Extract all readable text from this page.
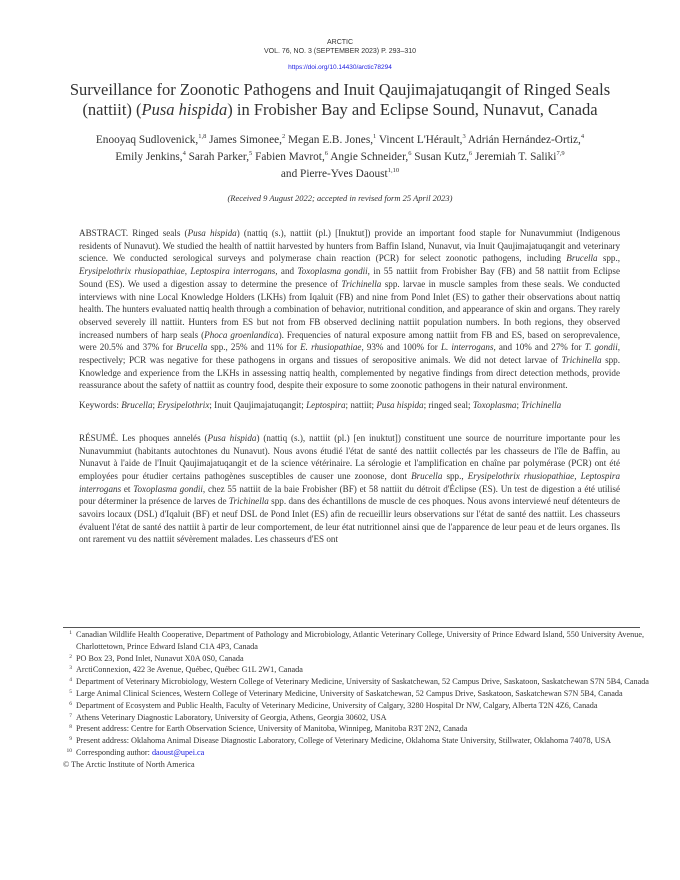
ARCTIC
VOL. 76, NO. 3 (SEPTEMBER 2023) P. 293–310
https://doi.org/10.14430/arctic78294
Surveillance for Zoonotic Pathogens and Inuit Qaujimajatuqangit of Ringed Seals (nattiit) (Pusa hispida) in Frobisher Bay and Eclipse Sound, Nunavut, Canada
Enooyaq Sudlovenick,$^{1,8}$ James Simonee,$^2$ Megan E.B. Jones,$^1$ Vincent L'Hérault,$^3$ Adrián Hernández-Ortiz,$^4$
Emily Jenkins,$^4$ Sarah Parker,$^5$ Fabien Mavrot,$^6$ Angie Schneider,$^6$ Susan Kutz,$^6$ Jeremiah T. Saliki$^{7,9}$
and Pierre-Yves Daoust$^{1,10}$
(Received 9 August 2022; accepted in revised form 25 April 2023)

ABSTRACT. Ringed seals (Pusa hispida) (nattiq (s.), nattiit (pl.) [Inuktut]) provide an important food staple for Nunavummiut (Indigenous residents of Nunavut). We studied the health of nattiit harvested by hunters from Baffin Island, Nunavut, via Inuit Qaujimajatuqangit and veterinary science. We conducted serological surveys and polymerase chain reaction (PCR) for select zoonotic pathogens, including Brucella spp., Erysipelothrix rhusiopathiae, Leptospira interrogans, and Toxoplasma gondii, in 55 nattiit from Frobisher Bay (FB) and 58 nattiit from Eclipse Sound (ES). We used a digestion assay to determine the presence of Trichinella spp. larvae in muscle samples from these seals. We conducted interviews with nine Local Knowledge Holders (LKHs) from Iqaluit (FB) and nine from Pond Inlet (ES) to gather their observations about nattiq health. The hunters evaluated nattiq health through a combination of behavior, nutritional condition, and appearance of skin and organs. They rarely observed severely ill nattiit. Hunters from ES but not from FB observed declining nattiit population numbers. In both regions, they observed increased numbers of harp seals (Phoca groenlandica). Frequencies of natural exposure among nattiit from FB and ES, based on seroprevalence, were 20.5% and 37% for Brucella spp., 25% and 11% for E. rhusiopathiae, 93% and 100% for L. interrogans, and 10% and 27% for T. gondii, respectively; PCR was negative for these pathogens in organs and tissues of seropositive animals. We did not detect larvae of Trichinella spp. Knowledge and experience from the LKHs in assessing nattiq health, complemented by negative findings from direct detection methods, provide reassurance about the safety of nattiit as country food, despite their exposure to some zoonotic pathogens in their natural environment.

Keywords: Brucella; Erysipelothrix; Inuit Qaujimajatuqangit; Leptospira; nattiit; Pusa hispida; ringed seal; Toxoplasma; Trichinella

RÉSUMÉ. Les phoques annelés (Pusa hispida) (nattiq (s.), nattiit (pl.) [en inuktut]) constituent une source de nourriture importante pour les Nunavummiut (habitants autochtones du Nunavut). Nous avons étudié l'état de santé des nattiit collectés par les chasseurs de l'île de Baffin, au Nunavut à l'aide de l'Inuit Qaujimajatuqangit et de la science vétérinaire. La sérologie et l'amplification en chaîne par polymérase (PCR) ont été employées pour étudier certains pathogènes susceptibles de causer une zoonose, dont Brucella spp., Erysipelothrix rhusiopathiae, Leptospira interrogans et Toxoplasma gondii, chez 55 nattiit de la baie Frobisher (BF) et 58 nattiit du détroit d'Éclipse (ES). Un test de digestion a été utilisé pour déterminer la présence de larves de Trichinella spp. dans des échantillons de muscle de ces phoques. Nous avons interviewé neuf détenteurs de savoirs locaux (DSL) d'Iqaluit (BF) et neuf DSL de Pond Inlet (ES) afin de recueillir leurs observations sur l'état de santé des nattiit. Les chasseurs évaluent l'état de santé des nattiit à partir de leur comportement, de leur état nutritionnel ainsi que de l'apparence de leur peau et de leurs organes. Ils ont rarement vu des nattiit sévèrement malades. Les chasseurs d'ES ont

1 Canadian Wildlife Health Cooperative, Department of Pathology and Microbiology, Atlantic Veterinary College, University of Prince Edward Island, 550 University Avenue, Charlottetown, Prince Edward Island C1A 4P3, Canada
2 PO Box 23, Pond Inlet, Nunavut X0A 0S0, Canada
3 ArctiConnexion, 422 3e Avenue, Québec, Québec G1L 2W1, Canada
4 Department of Veterinary Microbiology, Western College of Veterinary Medicine, University of Saskatchewan, 52 Campus Drive, Saskatoon, Saskatchewan S7N 5B4, Canada
5 Large Animal Clinical Sciences, Western College of Veterinary Medicine, University of Saskatchewan, 52 Campus Drive, Saskatoon, Saskatchewan S7N 5B4, Canada
6 Department of Ecosystem and Public Health, Faculty of Veterinary Medicine, University of Calgary, 3280 Hospital Dr NW, Calgary, Alberta T2N 4Z6, Canada
7 Athens Veterinary Diagnostic Laboratory, University of Georgia, Athens, Georgia 30602, USA
8 Present address: Centre for Earth Observation Science, University of Manitoba, Winnipeg, Manitoba R3T 2N2, Canada
9 Present address: Oklahoma Animal Disease Diagnostic Laboratory, College of Veterinary Medicine, Oklahoma State University, Stillwater, Oklahoma 74078, USA
10 Corresponding author: daoust@upei.ca
© The Arctic Institute of North America
